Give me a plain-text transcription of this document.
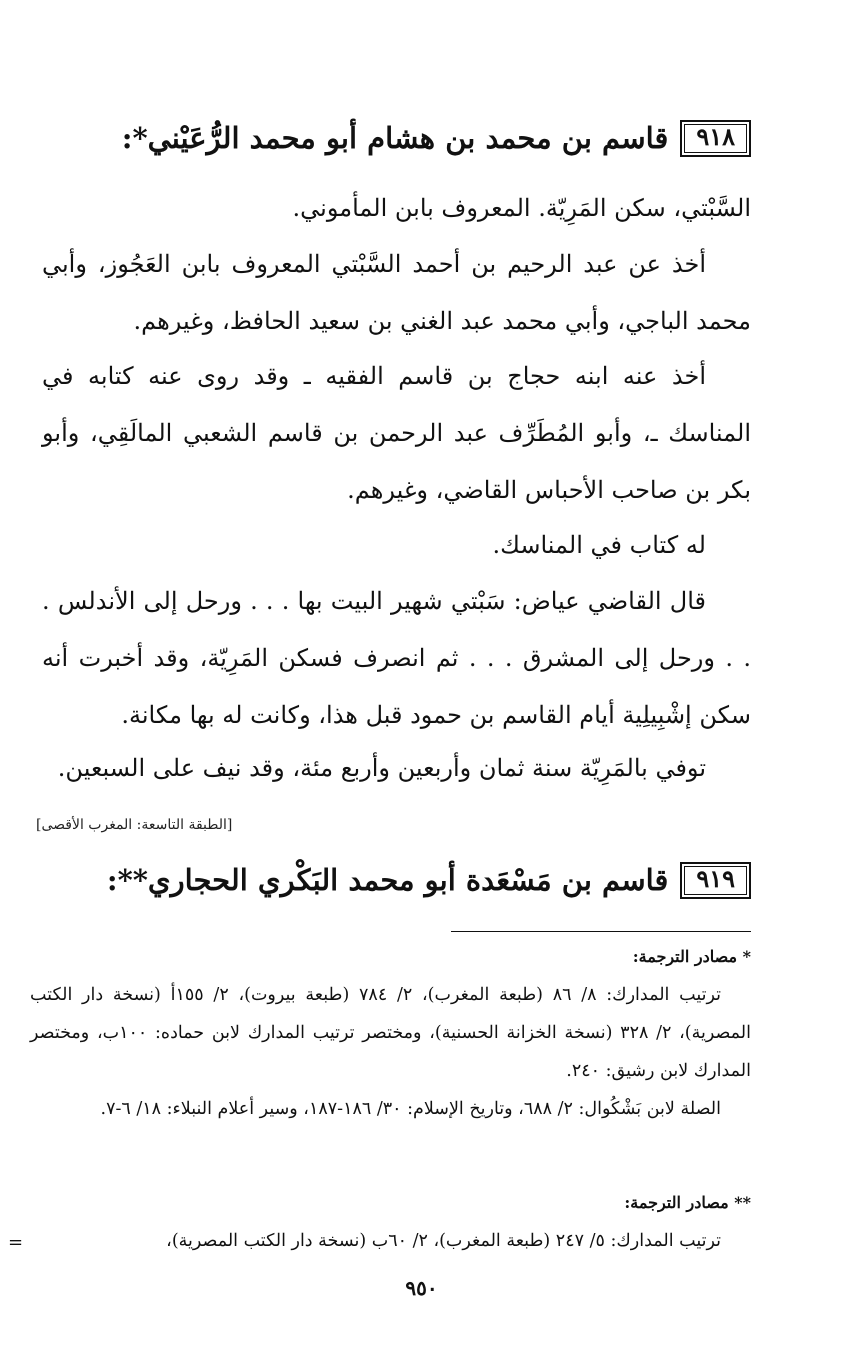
٩١٨
قاسم بن محمد بن هشام أبو محمد الرُّعَيْني*:
السَّبْتي، سكن المَرِيّة. المعروف بابن المأموني.
أخذ عن عبد الرحيم بن أحمد السَّبْتي المعروف بابن العَجُوز، وأبي محمد الباجي، وأبي محمد عبد الغني بن سعيد الحافظ، وغيرهم.
أخذ عنه ابنه حجاج بن قاسم الفقيه ـ وقد روى عنه كتابه في المناسك ـ، وأبو المُطَرِّف عبد الرحمن بن قاسم الشعبي المالَقِي، وأبو بكر بن صاحب الأحباس القاضي، وغيرهم.
له كتاب في المناسك.
قال القاضي عياض: سَبْتي شهير البيت بها . . . ورحل إلى الأندلس . . . ورحل إلى المشرق . . . ثم انصرف فسكن المَرِيّة، وقد أخبرت أنه سكن إشْبِيلِية أيام القاسم بن حمود قبل هذا، وكانت له بها مكانة.
توفي بالمَرِيّة سنة ثمان وأربعين وأربع مئة، وقد نيف على السبعين.
[الطبقة التاسعة: المغرب الأقصى]
٩١٩
قاسم بن مَسْعَدة أبو محمد البَكْري الحجاري**:
* مصادر الترجمة:
ترتيب المدارك: ٨/ ٨٦ (طبعة المغرب)، ٢/ ٧٨٤ (طبعة بيروت)، ٢/ ١٥٥أ (نسخة دار الكتب المصرية)، ٢/ ٣٢٨ (نسخة الخزانة الحسنية)، ومختصر ترتيب المدارك لابن حماده: ١٠٠ب، ومختصر المدارك لابن رشيق: ٢٤٠.
الصلة لابن بَشْكُوال: ٢/ ٦٨٨، وتاريخ الإسلام: ٣٠/ ١٨٦-١٨٧، وسير أعلام النبلاء: ١٨/ ٦-٧.
** مصادر الترجمة:
ترتيب المدارك: ٥/ ٢٤٧ (طبعة المغرب)، ٢/ ٦٠ب (نسخة دار الكتب المصرية)،
=
٩٥٠
